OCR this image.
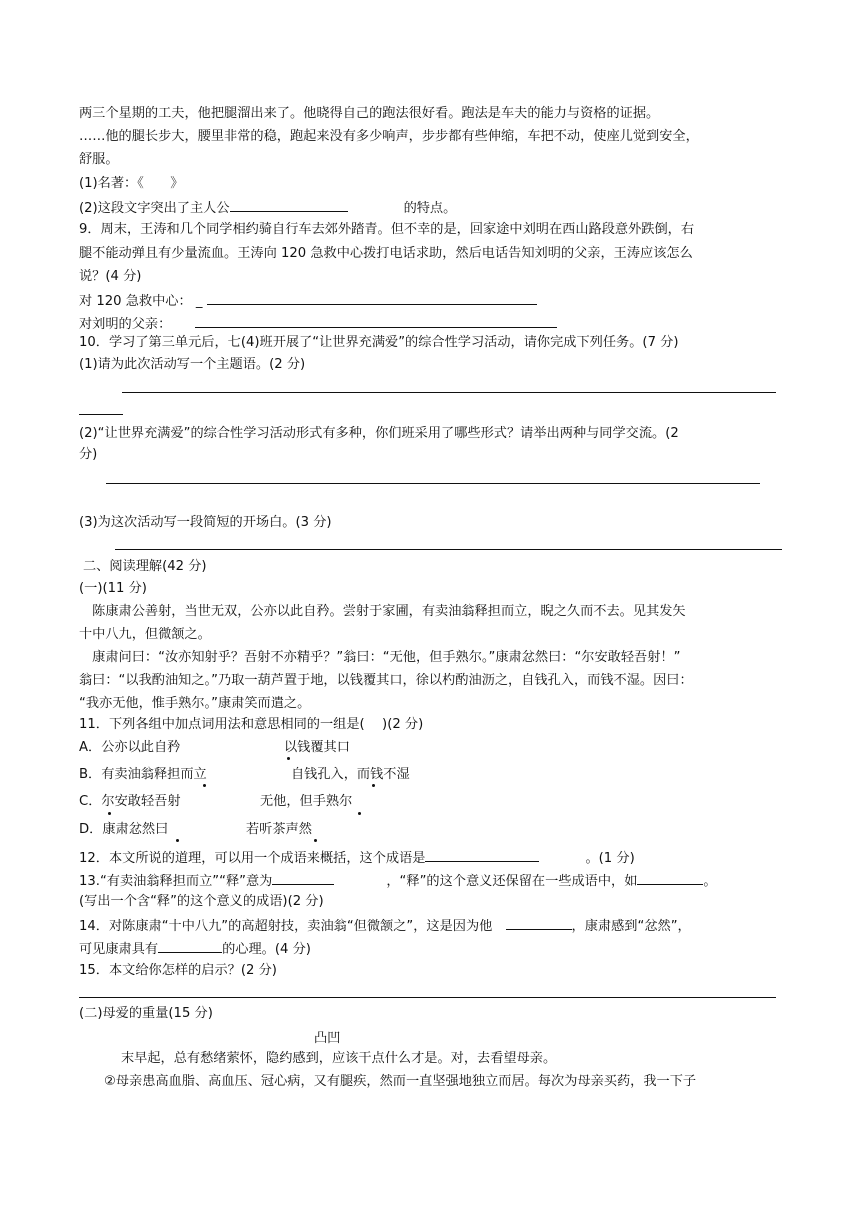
两三个星期的工夫，他把腿溜出来了。他晓得自己的跑法很好看。跑法是车夫的能力与资格的证据。
……他的腿长步大，腰里非常的稳，跑起来没有多少响声，步步都有些伸缩，车把不动，使座儿觉到安全，
舒服。
(1)名著：《　　》
(2)这段文字突出了主人公	的特点。
9．周末，王涛和几个同学相约骑自行车去郊外踏青。但不幸的是，回家途中刘明在西山路段意外跌倒，右
腿不能动弹且有少量流血。王涛向 120 急救中心拨打电话求助，然后电话告知刘明的父亲，王涛应该怎么
说？(4 分)
对 120 急救中心： _
对刘明的父亲：
10．学习了第三单元后，七(4)班开展了“让世界充满爱”的综合性学习活动，请你完成下列任务。(7 分)
(1)请为此次活动写一个主题语。(2 分)
(2)“让世界充满爱”的综合性学习活动形式有多种，你们班采用了哪些形式？请举出两种与同学交流。(2
分)
(3)为这次活动写一段简短的开场白。(3 分)
二、阅读理解(42 分)
(一)(11 分)
　陈康肃公善射，当世无双，公亦以此自矜。尝射于家圃，有卖油翁释担而立，睨之久而不去。见其发矢
十中八九，但微颔之。
　康肃问曰：“汝亦知射乎？吾射不亦精乎？”翁曰：“无他，但手熟尔。”康肃忿然曰：“尔安敢轻吾射！”
翁曰：“以我酌油知之。”乃取一葫芦置于地，以钱覆其口，徐以杓酌油沥之，自钱孔入，而钱不湿。因曰：
“我亦无他，惟手熟尔。”康肃笑而遣之。
11．下列各组中加点词用法和意思相同的一组是(　 )(2 分)
A．公亦以此自矜	以钱覆其口
B．有卖油翁释担而立	自钱孔入，而钱不湿
C．尔安敢轻吾射	无他，但手熟尔
D．康肃忿然曰	若听茶声然
12．本文所说的道理，可以用一个成语来概括，这个成语是	。(1 分)
13.“有卖油翁释担而立”“释”意为	，“释”的这个意义还保留在一些成语中，如	。
(写出一个含“释”的这个意义的成语)(2 分)
14．对陈康肃“十中八九”的高超射技，卖油翁“但微颔之”，这是因为他　	，康肃感到“忿然”，
可见康肃具有	的心理。(4 分)
15．本文给你怎样的启示？(2 分)
(二)母爱的重量(15 分)
凸凹
末早起，总有愁绪萦怀，隐约感到，应该干点什么才是。对，去看望母亲。
②母亲患高血脂、高血压、冠心病，又有腿疾，然而一直坚强地独立而居。每次为母亲买药，我一下子
